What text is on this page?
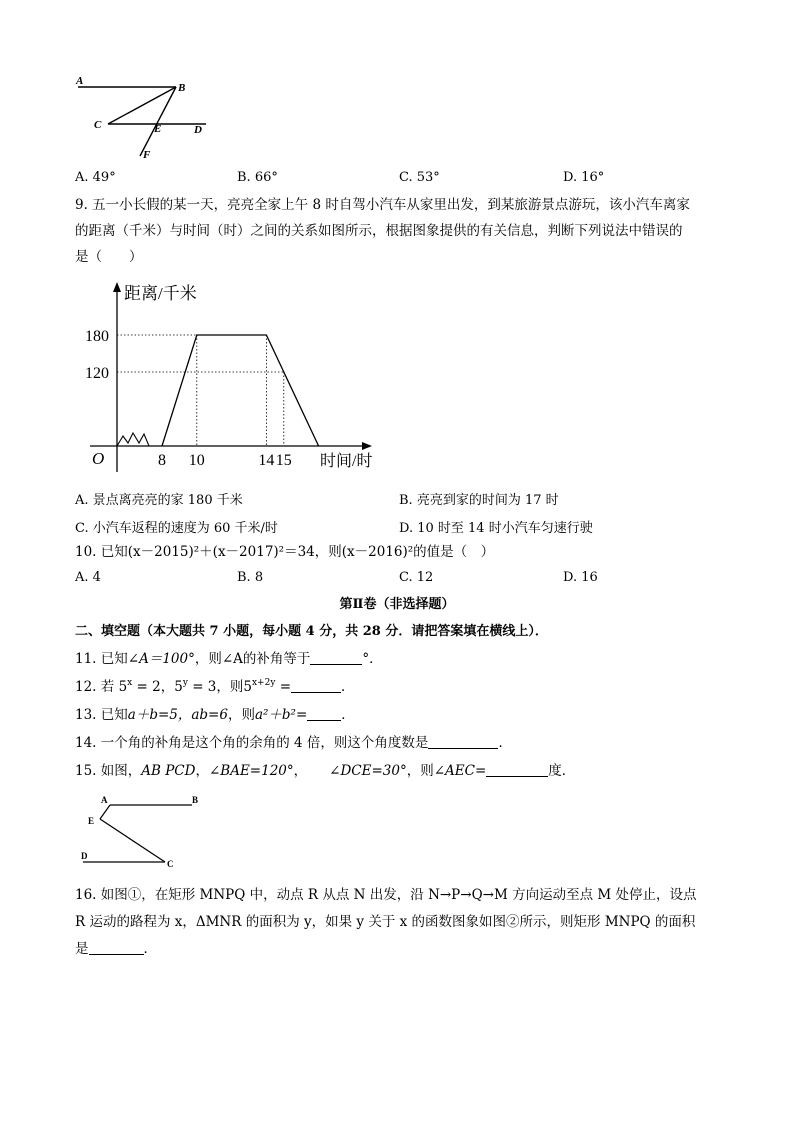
A
B
C	E	D
F
A. 49°	B. 66°	C. 53°	D. 16°
9. 五一小长假的某一天，亮亮全家上午 8 时自驾小汽车从家里出发，到某旅游景点游玩，该小汽车离家
的距离（千米）与时间（时）之间的关系如图所示，根据图象提供的有关信息，判断下列说法中错误的
是（　　）
距离/千米
时间/时
O
180
120
8 10	14 15
A. 景点离亮亮的家 180 千米	B. 亮亮到家的时间为 17 时
C. 小汽车返程的速度为 60 千米/时	D. 10 时至 14 时小汽车匀速行驶
10. 已知(x－2015)²＋(x－2017)²＝34，则(x－2016)²的值是（　）
A. 4	B. 8	C. 12	D. 16
第Ⅱ卷（非选择题）
二、填空题（本大题共 7 小题，每小题 4 分，共 28 分．请把答案填在横线上）．
11. 已知∠A＝100°，则∠A的补角等于	°．
12. 若 $5^x = 2$，$5^y = 3$，则$5^{x+2y}$ =	．
13. 已知a＋b=5，ab=6，则a²＋b²=	．
14. 一个角的补角是这个角的余角的 4 倍，则这个角度数是	．
15. 如图，AB PCD，∠BAE=120°， ∠DCE=30°，则∠AEC=	度．
A	B
E
D
C
16. 如图①，在矩形 MNPQ 中，动点 R 从点 N 出发，沿 N→P→Q→M 方向运动至点 M 处停止，设点
R 运动的路程为 x，ΔMNR 的面积为 y，如果 y 关于 x 的函数图象如图②所示，则矩形 MNPQ 的面积
是	．
